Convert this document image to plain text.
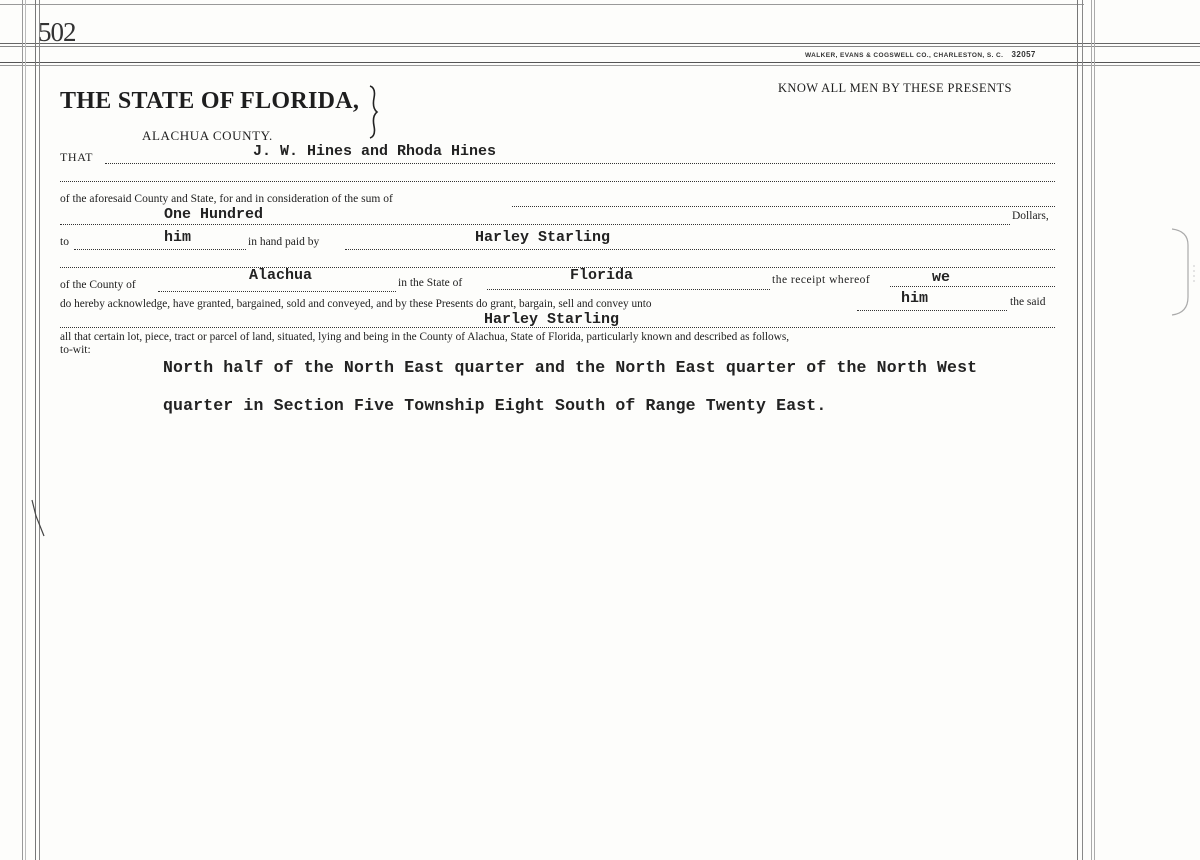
502
WALKER, EVANS & COGSWELL CO., CHARLESTON, S. C. 32057
THE STATE OF FLORIDA,
ALACHUA COUNTY.
KNOW ALL MEN BY THESE PRESENTS
THAT	J. W. Hines and Rhoda Hines
of the aforesaid County and State, for and in consideration of the sum of
One Hundred	Dollars,
to	him	in hand paid by	Harley Starling
of the County of
Alachua	in the State of	Florida	the receipt whereof	we
do hereby acknowledge, have granted, bargained, sold and conveyed, and by these Presents do grant, bargain, sell and convey unto	him	the said
Harley Starling
all that certain lot, piece, tract or parcel of land, situated, lying and being in the County of Alachua, State of Florida, particularly known and described as follows,
to-wit:
North half of the North East quarter and the North East quarter of the North West
quarter in Section Five Township Eight South of Range Twenty East.
